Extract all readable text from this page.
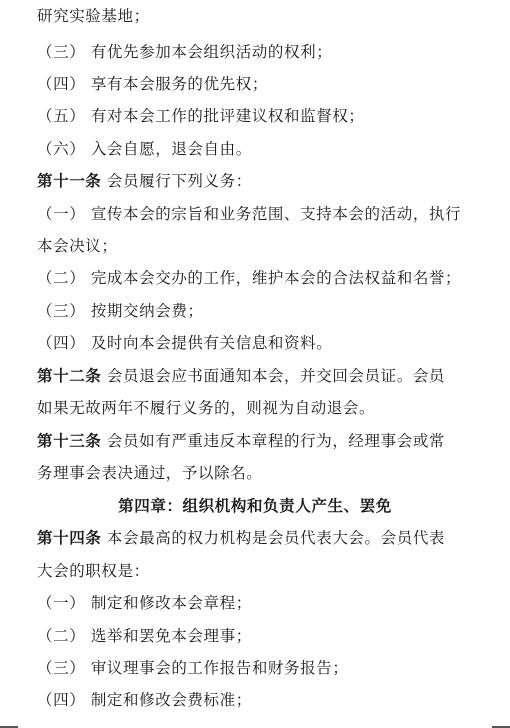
研究实验基地；
（三） 有优先参加本会组织活动的权利；
（四） 享有本会服务的优先权；
（五） 有对本会工作的批评建议权和监督权；
（六） 入会自愿，退会自由。
第十一条 会员履行下列义务：
（一） 宣传本会的宗旨和业务范围、支持本会的活动，执行
本会决议；
（二） 完成本会交办的工作，维护本会的合法权益和名誉；
（三） 按期交纳会费；
（四） 及时向本会提供有关信息和资料。
第十二条 会员退会应书面通知本会，并交回会员证。会员
如果无故两年不履行义务的，则视为自动退会。
第十三条 会员如有严重违反本章程的行为，经理事会或常
务理事会表决通过，予以除名。
第四章：组织机构和负责人产生、罢免
第十四条 本会最高的权力机构是会员代表大会。会员代表
大会的职权是：
（一） 制定和修改本会章程；
（二） 选举和罢免本会理事；
（三） 审议理事会的工作报告和财务报告；
（四） 制定和修改会费标准；
